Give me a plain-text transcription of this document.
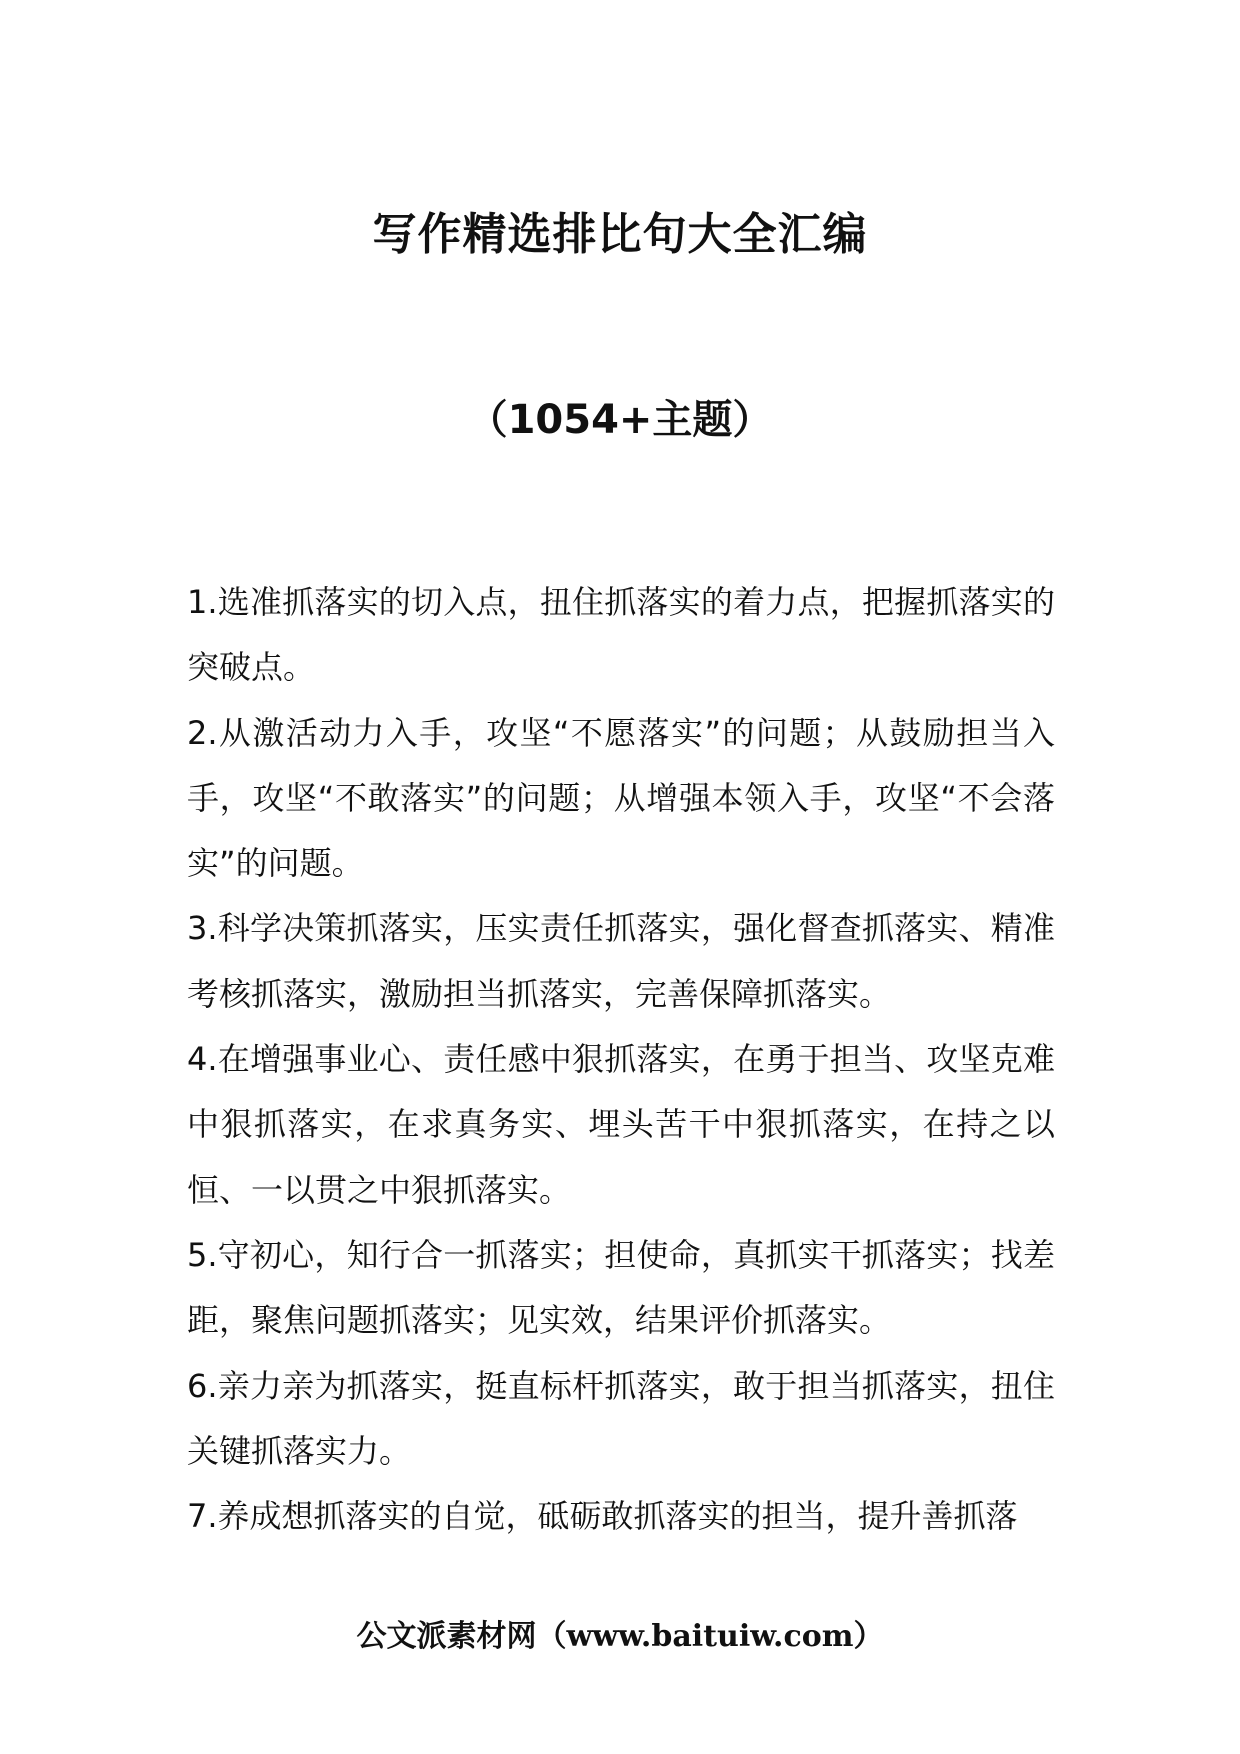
写作精选排比句大全汇编
（1054+主题）

1.选准抓落实的切入点，扭住抓落实的着力点，把握抓落实的突破点。

2.从激活动力入手，攻坚“不愿落实”的问题；从鼓励担当入手，攻坚“不敢落实”的问题；从增强本领入手，攻坚“不会落实”的问题。

3.科学决策抓落实，压实责任抓落实，强化督查抓落实、精准考核抓落实，激励担当抓落实，完善保障抓落实。

4.在增强事业心、责任感中狠抓落实，在勇于担当、攻坚克难中狠抓落实，在求真务实、埋头苦干中狠抓落实，在持之以恒、一以贯之中狠抓落实。

5.守初心，知行合一抓落实；担使命，真抓实干抓落实；找差距，聚焦问题抓落实；见实效，结果评价抓落实。

6.亲力亲为抓落实，挺直标杆抓落实，敢于担当抓落实，扭住关键抓落实力。

7.养成想抓落实的自觉，砥砺敢抓落实的担当，提升善抓落

公文派素材网（www.baituiw.com）
